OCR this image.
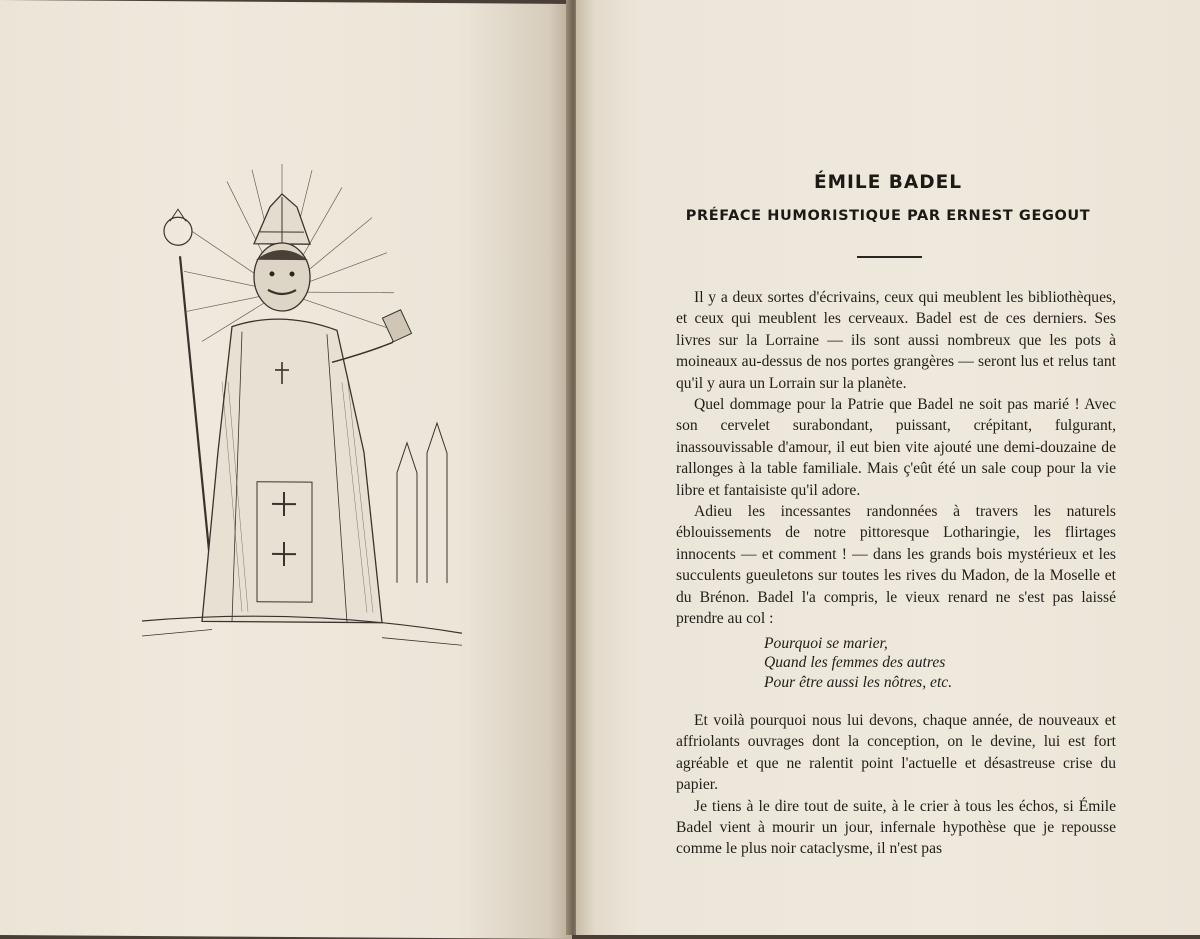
ÉMILE BADEL
PRÉFACE HUMORISTIQUE PAR ERNEST GEGOUT

Il y a deux sortes d'écrivains, ceux qui meublent les bibliothèques, et ceux qui meublent les cerveaux. Badel est de ces derniers. Ses livres sur la Lorraine — ils sont aussi nombreux que les pots à moineaux au-dessus de nos portes grangères — seront lus et relus tant qu'il y aura un Lorrain sur la planète.

Quel dommage pour la Patrie que Badel ne soit pas marié ! Avec son cervelet surabondant, puissant, crépitant, fulgurant, inassouvissable d'amour, il eut bien vite ajouté une demi-douzaine de rallonges à la table familiale. Mais ç'eût été un sale coup pour la vie libre et fantaisiste qu'il adore.

Adieu les incessantes randonnées à travers les naturels éblouissements de notre pittoresque Lotharingie, les flirtages innocents — et comment ! — dans les grands bois mystérieux et les succulents gueuletons sur toutes les rives du Madon, de la Moselle et du Brénon. Badel l'a compris, le vieux renard ne s'est pas laissé prendre au col :

Pourquoi se marier,
Quand les femmes des autres
Pour être aussi les nôtres, etc.

Et voilà pourquoi nous lui devons, chaque année, de nouveaux et affriolants ouvrages dont la conception, on le devine, lui est fort agréable et que ne ralentit point l'actuelle et désastreuse crise du papier.

Je tiens à le dire tout de suite, à le crier à tous les échos, si Émile Badel vient à mourir un jour, infernale hypothèse que je repousse comme le plus noir cataclysme, il n'est pas
